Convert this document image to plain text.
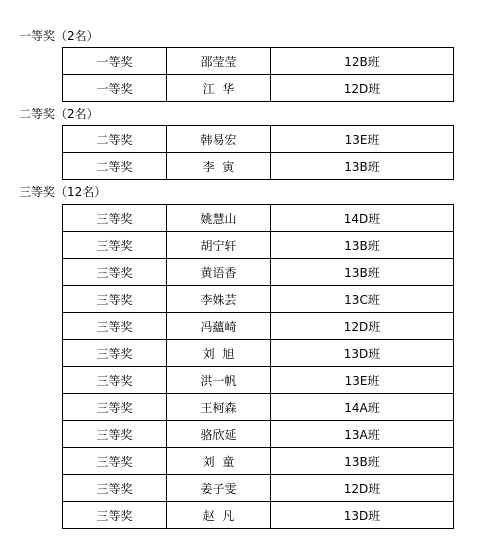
一等奖（2名）
一等奖	邵莹莹	12B班
一等奖	江  华	12D班
二等奖（2名）
二等奖	韩易宏	13E班
二等奖	李  寅	13B班
三等奖（12名）
三等奖	姚慧山	14D班
三等奖	胡宁轩	13B班
三等奖	黄语香	13B班
三等奖	李姝芸	13C班
三等奖	冯蘊崎	12D班
三等奖	刘  旭	13D班
三等奖	洪一帆	13E班
三等奖	王柯森	14A班
三等奖	骆欣延	13A班
三等奖	刘  童	13B班
三等奖	姜子雯	12D班
三等奖	赵  凡	13D班
